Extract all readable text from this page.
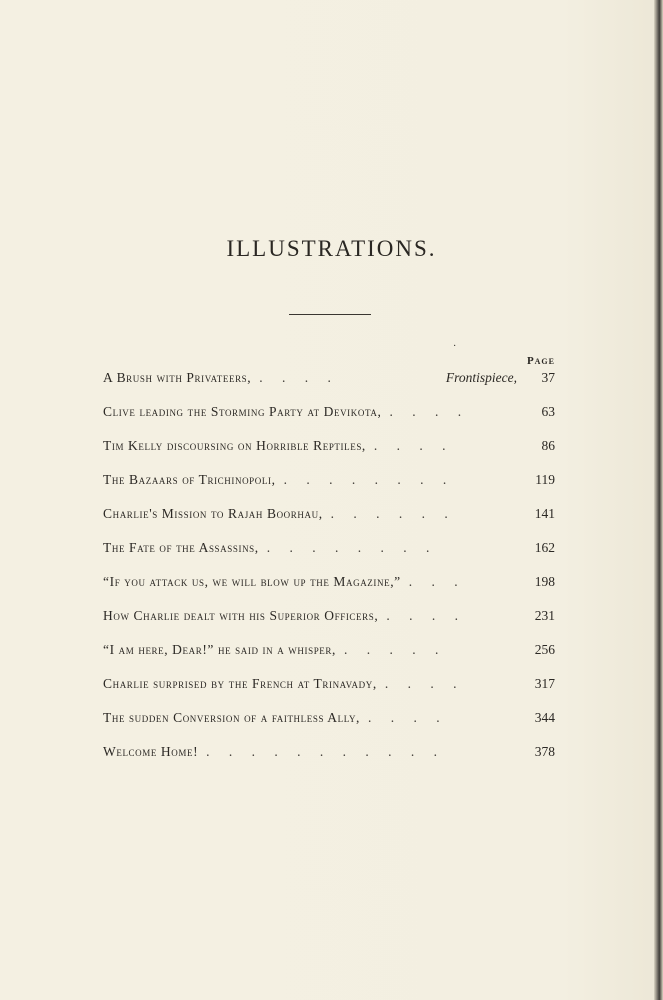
ILLUSTRATIONS.
·
Page
A Brush with Privateers, . . . .	Frontispiece,	37
Clive leading the Storming Party at Devikota, . . . .	63
Tim Kelly discoursing on Horrible Reptiles, . . . .	86
The Bazaars of Trichinopoli, . . . . . . . .	119
Charlie's Mission to Rajah Boorhau, . . . . . .	141
The Fate of the Assassins, . . . . . . . .	162
“If you attack us, we will blow up the Magazine,” . . .	198
How Charlie dealt with his Superior Officers, . . . .	231
“I am here, Dear!” he said in a whisper, . . . . .	256
Charlie surprised by the French at Trinavady, . . . .	317
The sudden Conversion of a faithless Ally, . . . .	344
Welcome Home! . . . . . . . . . . .	378
